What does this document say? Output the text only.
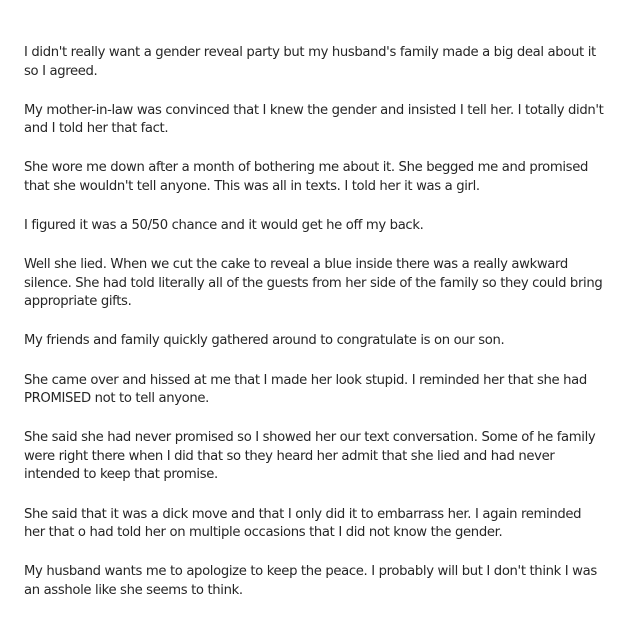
I didn't really want a gender reveal party but my husband's family made a big deal about it so I agreed.

My mother-in-law was convinced that I knew the gender and insisted I tell her. I totally didn't and I told her that fact.

She wore me down after a month of bothering me about it. She begged me and promised that she wouldn't tell anyone. This was all in texts. I told her it was a girl.

I figured it was a 50/50 chance and it would get he off my back.

Well she lied. When we cut the cake to reveal a blue inside there was a really awkward silence. She had told literally all of the guests from her side of the family so they could bring appropriate gifts.

My friends and family quickly gathered around to congratulate is on our son.

She came over and hissed at me that I made her look stupid. I reminded her that she had PROMISED not to tell anyone.

She said she had never promised so I showed her our text conversation. Some of he family were right there when I did that so they heard her admit that she lied and had never intended to keep that promise.

She said that it was a dick move and that I only did it to embarrass her. I again reminded her that o had told her on multiple occasions that I did not know the gender.

My husband wants me to apologize to keep the peace. I probably will but I don't think I was an asshole like she seems to think.
